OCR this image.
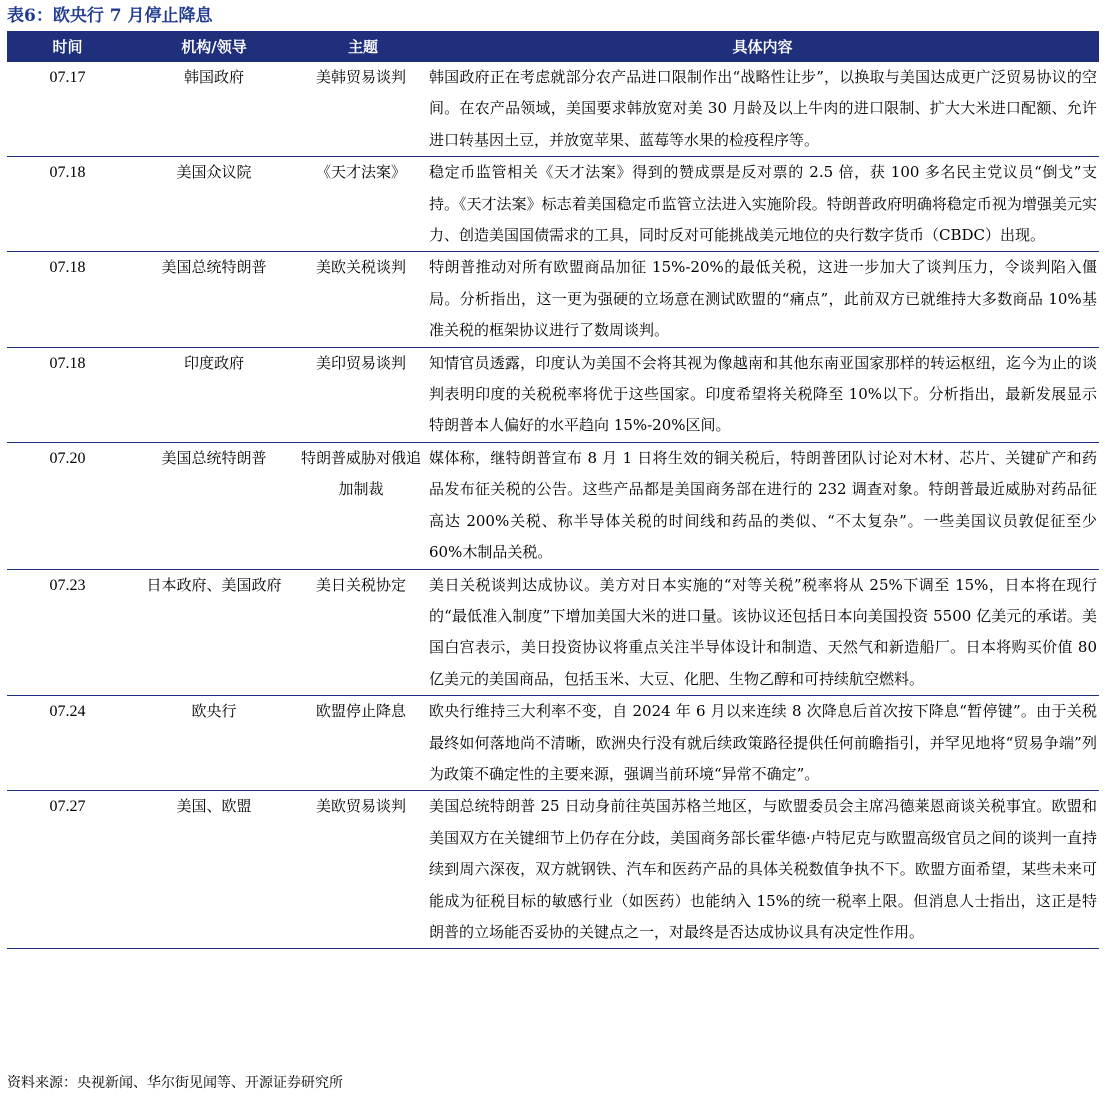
表6：欧央行 7 月停止降息
时间	机构/领导	主题	具体内容
07.17	韩国政府	美韩贸易谈判	韩国政府正在考虑就部分农产品进口限制作出“战略性让步”，以换取与美国达成更广泛贸易协议的空间。在农产品领域，美国要求韩放宽对美 30 月龄及以上牛肉的进口限制、扩大大米进口配额、允许进口转基因土豆，并放宽苹果、蓝莓等水果的检疫程序等。
07.18	美国众议院	《天才法案》	稳定币监管相关《天才法案》得到的赞成票是反对票的 2.5 倍，获 100 多名民主党议员“倒戈”支持。《天才法案》标志着美国稳定币监管立法进入实施阶段。特朗普政府明确将稳定币视为增强美元实力、创造美国国债需求的工具，同时反对可能挑战美元地位的央行数字货币（CBDC）出现。
07.18	美国总统特朗普	美欧关税谈判	特朗普推动对所有欧盟商品加征 15%-20%的最低关税，这进一步加大了谈判压力，令谈判陷入僵局。分析指出，这一更为强硬的立场意在测试欧盟的“痛点”，此前双方已就维持大多数商品 10%基准关税的框架协议进行了数周谈判。
07.18	印度政府	美印贸易谈判	知情官员透露，印度认为美国不会将其视为像越南和其他东南亚国家那样的转运枢纽，迄今为止的谈判表明印度的关税税率将优于这些国家。印度希望将关税降至 10%以下。分析指出，最新发展显示特朗普本人偏好的水平趋向 15%-20%区间。
07.20	美国总统特朗普	特朗普威胁对俄追加制裁	媒体称，继特朗普宣布 8 月 1 日将生效的铜关税后，特朗普团队讨论对木材、芯片、关键矿产和药品发布征关税的公告。这些产品都是美国商务部在进行的 232 调查对象。特朗普最近威胁对药品征高达 200%关税、称半导体关税的时间线和药品的类似、“不太复杂”。一些美国议员敦促征至少 60%木制品关税。
07.23	日本政府、美国政府	美日关税协定	美日关税谈判达成协议。美方对日本实施的“对等关税”税率将从 25%下调至 15%，日本将在现行的“最低准入制度”下增加美国大米的进口量。该协议还包括日本向美国投资 5500 亿美元的承诺。美国白宫表示，美日投资协议将重点关注半导体设计和制造、天然气和新造船厂。日本将购买价值 80 亿美元的美国商品，包括玉米、大豆、化肥、生物乙醇和可持续航空燃料。
07.24	欧央行	欧盟停止降息	欧央行维持三大利率不变，自 2024 年 6 月以来连续 8 次降息后首次按下降息“暂停键”。由于关税最终如何落地尚不清晰，欧洲央行没有就后续政策路径提供任何前瞻指引，并罕见地将“贸易争端”列为政策不确定性的主要来源，强调当前环境“异常不确定”。
07.27	美国、欧盟	美欧贸易谈判	美国总统特朗普 25 日动身前往英国苏格兰地区，与欧盟委员会主席冯德莱恩商谈关税事宜。欧盟和美国双方在关键细节上仍存在分歧，美国商务部长霍华德·卢特尼克与欧盟高级官员之间的谈判一直持续到周六深夜，双方就钢铁、汽车和医药产品的具体关税数值争执不下。欧盟方面希望，某些未来可能成为征税目标的敏感行业（如医药）也能纳入 15%的统一税率上限。但消息人士指出，这正是特朗普的立场能否妥协的关键点之一，对最终是否达成协议具有决定性作用。
资料来源：央视新闻、华尔街见闻等、开源证券研究所
